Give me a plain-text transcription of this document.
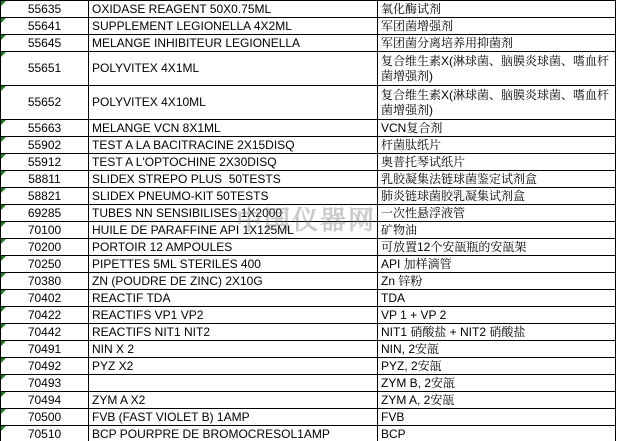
55635	OXIDASE REAGENT 50X0.75ML	氧化酶试剂

55641	SUPPLEMENT LEGIONELLA 4X2ML	军团菌增强剂

55645	MELANGE INHIBITEUR LEGIONELLA	军团菌分离培养用抑菌剂

55651	POLYVITEX 4X1ML	复合维生素X(淋球菌、脑膜炎球菌、嗜血杆菌增强剂)

55652	POLYVITEX 4X10ML	复合维生素X(淋球菌、脑膜炎球菌、嗜血杆菌增强剂)

55663	MELANGE VCN 8X1ML	VCN复合剂

55902	TEST A LA BACITRACINE 2X15DISQ	杆菌肽纸片

55912	TEST A L'OPTOCHINE 2X30DISQ	奥普托琴试纸片

58811	SLIDEX STREPO PLUS  50TESTS	乳胶凝集法链球菌鉴定试剂盒

58821	SLIDEX PNEUMO-KIT 50TESTS	肺炎链球菌胶乳凝集试剂盒

69285	TUBES NN SENSIBILISES 1X2000	一次性悬浮液管

70100	HUILE DE PARAFFINE API 1X125ML	矿物油

70200	PORTOIR 12 AMPOULES	可放置12个安瓿瓶的安瓿架

70250	PIPETTES 5ML STERILES 400	API 加样滴管

70380	ZN (POUDRE DE ZINC) 2X10G	Zn 锌粉

70402	REACTIF TDA	TDA

70422	REACTIFS VP1 VP2	VP 1 + VP 2

70442	REACTIFS NIT1 NIT2	NIT1 硝酸盐 + NIT2 硝酸盐

70491	NIN X 2	NIN, 2安瓿

70492	PYZ X2	PYZ, 2安瓿

70493		ZYM B, 2安瓿

70494	ZYM A X2	ZYM A, 2安瓿

70500	FVB (FAST VIOLET B) 1AMP	FVB

70510	BCP POURPRE DE BROMOCRESOL1AMP	BCP
中国仪器网
